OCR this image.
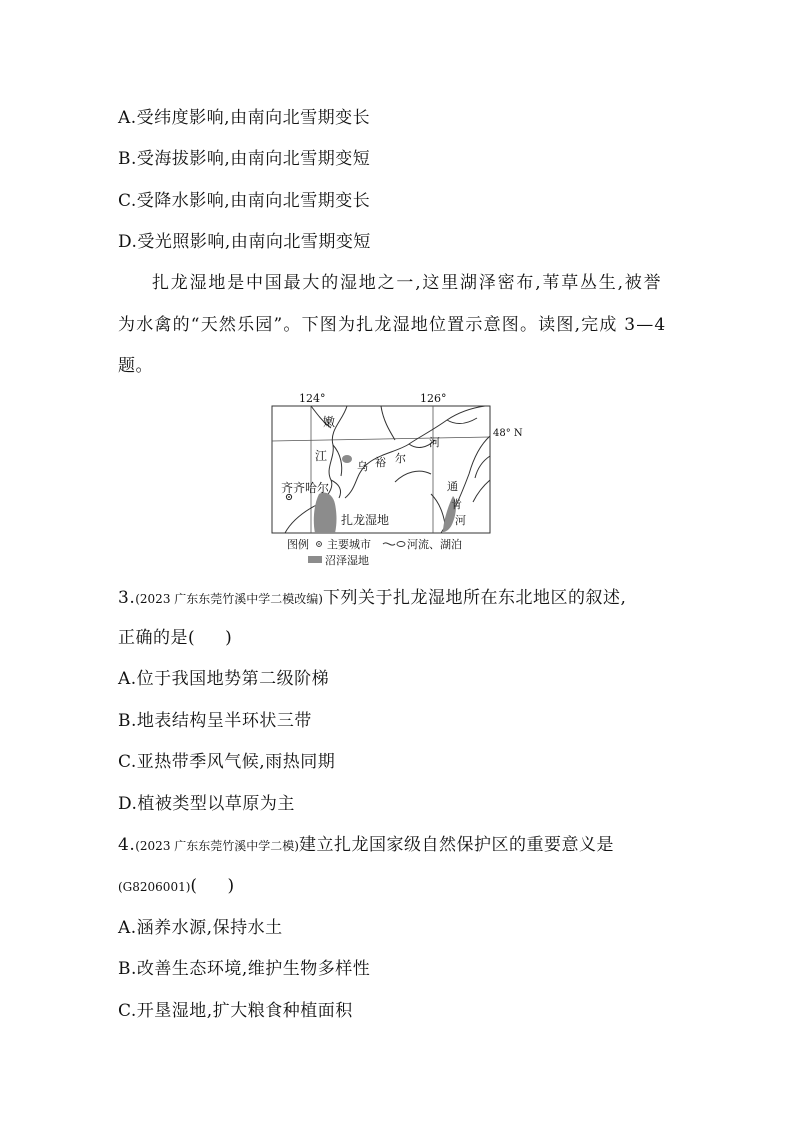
A.受纬度影响,由南向北雪期变长
B.受海拔影响,由南向北雪期变短
C.受降水影响,由南向北雪期变长
D.受光照影响,由南向北雪期变短
扎龙湿地是中国最大的湿地之一,这里湖泽密布,苇草丛生,被誉
为水禽的“天然乐园”。下图为扎龙湿地位置示意图。读图,完成 3—4
题。
124°	126°
48° N
嫩
江
乌 裕 尔
河
通
肯
河
齐齐哈尔
扎龙湿地
图例 主要城市	河流、湖泊
沼泽湿地
3.(2023 广东东莞竹溪中学二模改编)下列关于扎龙湿地所在东北地区的叙述,
正确的是( )
A.位于我国地势第二级阶梯
B.地表结构呈半环状三带
C.亚热带季风气候,雨热同期
D.植被类型以草原为主
4.(2023 广东东莞竹溪中学二模)建立扎龙国家级自然保护区的重要意义是
(G8206001)( )
A.涵养水源,保持水土
B.改善生态环境,维护生物多样性
C.开垦湿地,扩大粮食种植面积
